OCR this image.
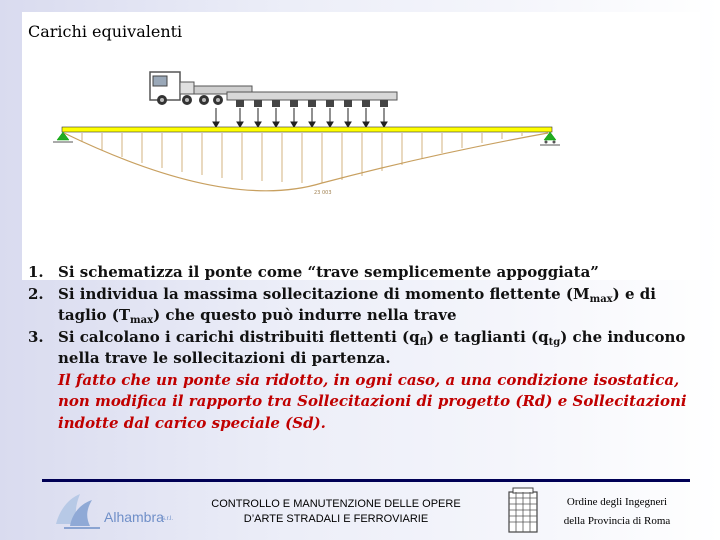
Carichi equivalenti
23 003
1. Si schematizza il ponte come “trave semplicemente appoggiata”
2. Si individua la massima sollecitazione di momento flettente $(M_{max})$ e di taglio $(T_{max})$ che questo può indurre nella trave
3. Si calcolano i carichi distribuiti flettenti $(q_{fl})$ e taglianti $(q_{tg})$ che inducono nella trave le sollecitazioni di partenza.
Il fatto che un ponte sia ridotto, in ogni caso, a una condizione isostatica, non modifica il rapporto tra Sollecitazioni di progetto (Rd) e Sollecitazioni indotte dal carico speciale (Sd).
Alhambra
s.r.l.
CONTROLLO E MANUTENZIONE DELLE OPERE
D’ARTE STRADALI E FERROVIARIE
Ordine degli Ingegneri
della Provincia di Roma
